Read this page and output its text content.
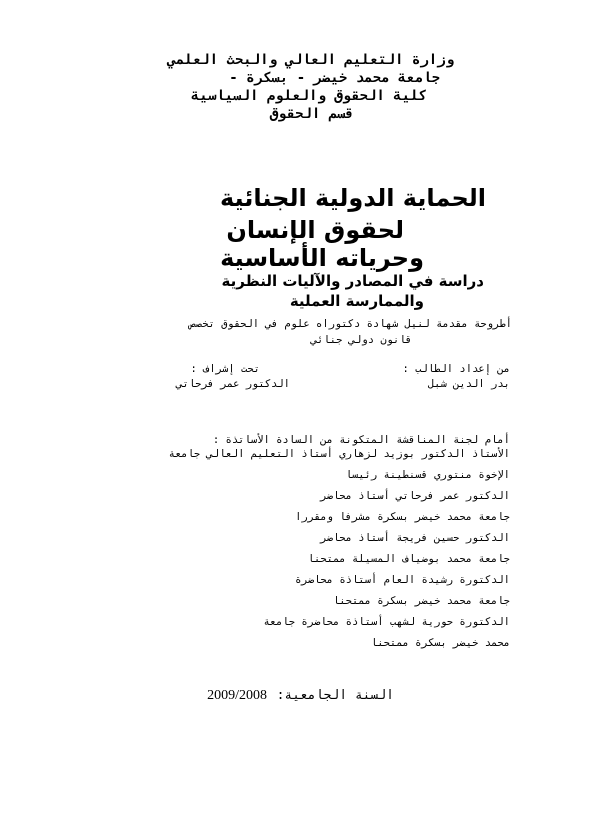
وزارة التعليم العالي والبحث العلمي
جامعة محمد خيضر - بسكرة -
كلية الحقوق والعلوم السياسية
قسم الحقوق
الحماية الدولية الجنائية
لحقوق الإنسان
وحرياته الأساسية
دراسة في المصادر والآليات النظرية
والممارسة العملية
أطروحة مقدمة لنيل شهادة دكتوراه علوم في الحقوق تخصص
قانون دولي جنائي
من إعداد الطالب :
بدر الدين شبل
تحت إشراف :
الدكتور عمر فرحاتي
أمام لجنة المناقشة المتكونة من السادة الأساتذة :
الأستاذ الدكتور بوزيد لزهاري أستاذ التعليم العالي جامعة
الإخوة منتوري قسنطينة رئيسا
الدكتور عمر فرحاتي أستاذ محاضر
جامعة محمد خيضر بسكرة مشرفا ومقررا
الدكتور حسين فريجة أستاذ محاضر
جامعة محمد بوضياف المسيلة ممتحنا
الدكتورة رشيدة العام أستاذة محاضرة
جامعة محمد خيضر بسكرة ممتحنا
الدكتورة حورية لشهب أستاذة محاضرة جامعة
محمد خيضر بسكرة ممتحنا
السنة الجامعية: 2009/2008
